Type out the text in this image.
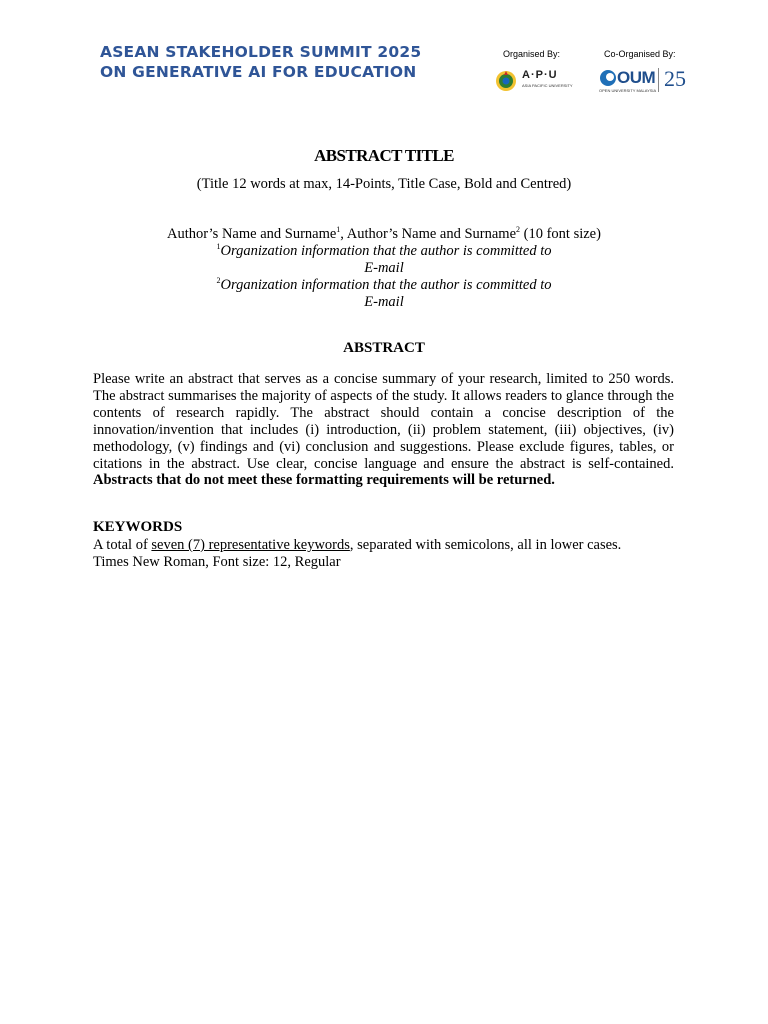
ASEAN STAKEHOLDER SUMMIT 2025
ON GENERATIVE AI FOR EDUCATION
Organised By:	Co-Organised By:
A·P·U
ASIA PACIFIC UNIVERSITY	OUM
OPEN UNIVERSITY MALAYSIA 25
ABSTRACT TITLE
(Title 12 words at max, 14-Points, Title Case, Bold and Centred)
Author’s Name and Surname$^1$, Author’s Name and Surname$^2$ (10 font size)
$^1$Organization information that the author is committed to
E-mail
$^2$Organization information that the author is committed to
E-mail
ABSTRACT
Please write an abstract that serves as a concise summary of your research, limited to 250 words. The abstract summarises the majority of aspects of the study. It allows readers to glance through the contents of research rapidly. The abstract should contain a concise description of the innovation/invention that includes (i) introduction, (ii) problem statement, (iii) objectives, (iv) methodology, (v) findings and (vi) conclusion and suggestions. Please exclude figures, tables, or citations in the abstract. Use clear, concise language and ensure the abstract is self-contained. Abstracts that do not meet these formatting requirements will be returned.
KEYWORDS
A total of seven (7) representative keywords, separated with semicolons, all in lower cases.
Times New Roman, Font size: 12, Regular
